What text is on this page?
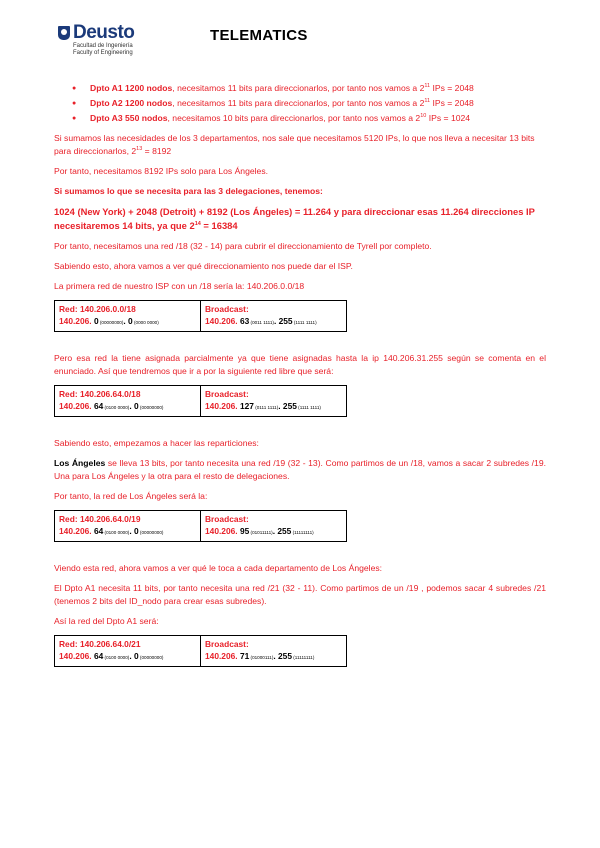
Deusto
Facultad de Ingeniería
Faculty of Engineering
TELEMATICS
● Dpto A1 1200 nodos, necesitamos 11 bits para direccionarlos, por tanto nos vamos a $2^{11}$ IPs = 2048
● Dpto A2 1200 nodos, necesitamos 11 bits para direccionarlos, por tanto nos vamos a $2^{11}$ IPs = 2048
● Dpto A3 550 nodos, necesitamos 10 bits para direccionarlos, por tanto nos vamos a $2^{10}$ IPs = 1024

Si sumamos las necesidades de los 3 departamentos, nos sale que necesitamos 5120 IPs, lo que nos lleva a necesitar 13 bits para direccionarlos, $2^{13} = 8192$

Por tanto, necesitamos 8192 IPs solo para Los Ángeles.

Si sumamos lo que se necesita para las 3 delegaciones, tenemos:

1024 (New York) + 2048 (Detroit) + 8192 (Los Ángeles) = 11.264 y para direccionar esas 11.264 direcciones IP necesitaremos 14 bits, ya que $2^{14} = 16384$

Por tanto, necesitamos una red /18 (32 - 14) para cubrir el direccionamiento de Tyrell por completo.

Sabiendo esto, ahora vamos a ver qué direccionamiento nos puede dar el ISP.

La primera red de nuestro ISP con un /18 sería la: 140.206.0.0/18

Red: 140.206.0.0/18
140.206. 0 (00000000). 0 (0000 0000)

Broadcast:
140.206. 63 (0011 1111). 255 (1111 1111)

Pero esa red la tiene asignada parcialmente ya que tiene asignadas hasta la ip 140.206.31.255 según se comenta en el enunciado. Así que tendremos que ir a por la siguiente red libre que será:

Red: 140.206.64.0/18
140.206. 64 (0100 0000). 0 (00000000)

Broadcast:
140.206. 127 (0111 1111). 255 (1111 1111)

Sabiendo esto, empezamos a hacer las reparticiones:

Los Ángeles se lleva 13 bits, por tanto necesita una red /19 (32 - 13). Como partimos de un /18, vamos a sacar 2 subredes /19. Una para Los Ángeles y la otra para el resto de delegaciones.

Por tanto, la red de Los Ángeles será la:

Red: 140.206.64.0/19
140.206. 64 (0100 0000). 0 (00000000)

Broadcast:
140.206. 95 (01011111). 255 (11111111)

Viendo esta red, ahora vamos a ver qué le toca a cada departamento de Los Ángeles:

El Dpto A1 necesita 11 bits, por tanto necesita una red /21 (32 - 11). Como partimos de un /19 , podemos sacar 4 subredes /21 (tenemos 2 bits del ID_nodo para crear esas subredes).

Así la red del Dpto A1 será:

Red: 140.206.64.0/21
140.206. 64 (0100 0000). 0 (00000000)

Broadcast:
140.206. 71 (01000111). 255 (11111111)
